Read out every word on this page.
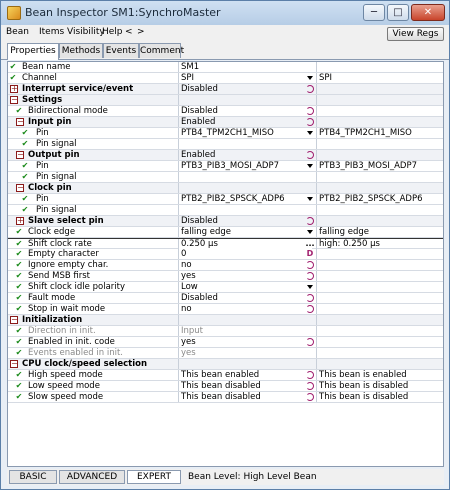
Bean Inspector SM1:SynchroMaster	─	□	✕
Bean Items Visibility
Help < >	View Regs
Properties Methods Events Comment
✔ Bean name	SM1
✔ Channel	SPI	SPI
+ Interrupt service/event	Disabled
− Settings
✔ Bidirectional mode	Disabled
− Input pin	Enabled
✔ Pin	PTB4_TPM2CH1_MISO	PTB4_TPM2CH1_MISO
✔ Pin signal
− Output pin	Enabled
✔ Pin	PTB3_PIB3_MOSI_ADP7	PTB3_PIB3_MOSI_ADP7
✔ Pin signal
− Clock pin
✔ Pin	PTB2_PIB2_SPSCK_ADP6	PTB2_PIB2_SPSCK_ADP6
✔ Pin signal
+ Slave select pin	Disabled
✔ Clock edge	falling edge	falling edge
✔ Shift clock rate	0.250 µs	... high: 0.250 µs
✔ Empty character	0	D
✔ Ignore empty char.	no
✔ Send MSB first	yes
✔ Shift clock idle polarity	Low
✔ Fault mode	Disabled
✔ Stop in wait mode	no
− Initialization
✔ Direction in init.	Input
✔ Enabled in init. code	yes
✔ Events enabled in init.	yes
− CPU clock/speed selection
✔ High speed mode	This bean enabled	This bean is enabled
✔ Low speed mode	This bean disabled	This bean is disabled
✔ Slow speed mode	This bean disabled	This bean is disabled
BASIC	ADVANCED	EXPERT	Bean Level: High Level Bean
